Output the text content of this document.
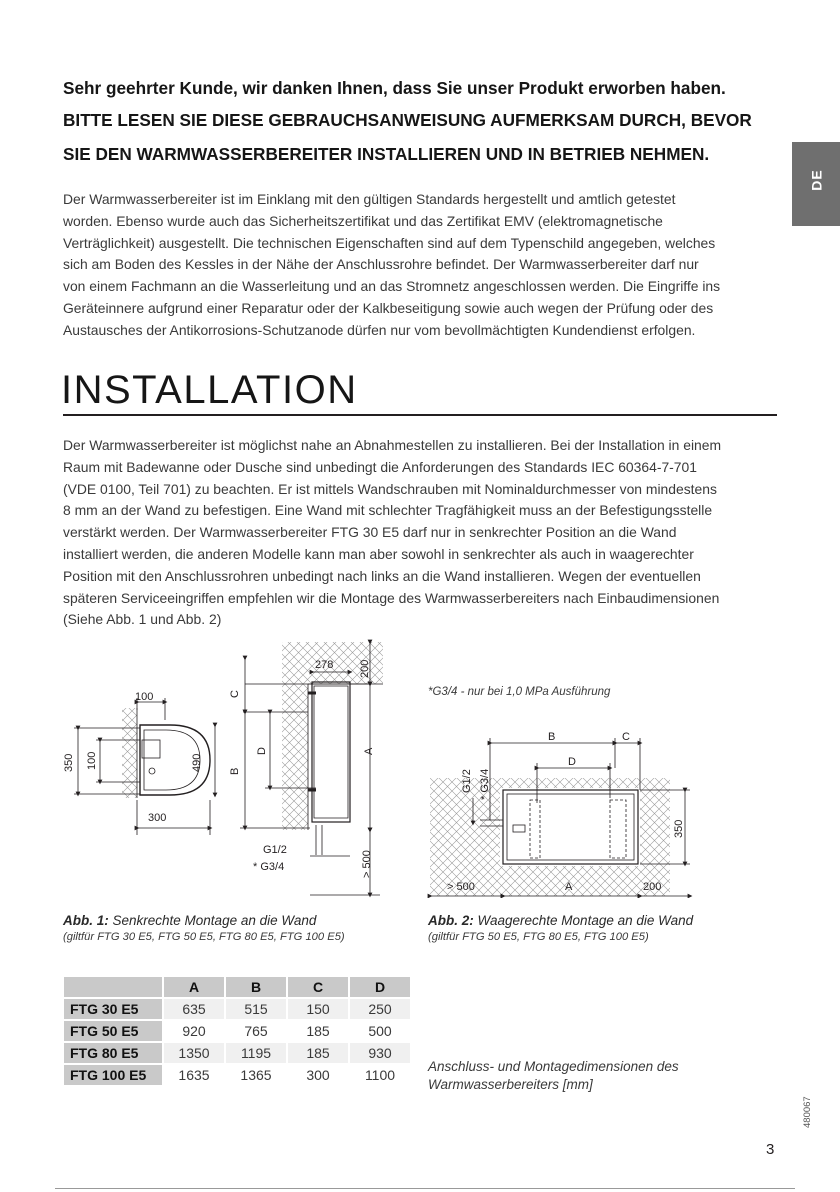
DE
Sehr geehrter Kunde, wir danken Ihnen, dass Sie unser Produkt erworben haben.
BITTE LESEN SIE DIESE GEBRAUCHSANWEISUNG AUFMERKSAM DURCH, BEVOR
SIE DEN WARMWASSERBEREITER INSTALLIEREN UND IN BETRIEB NEHMEN.
Der Warmwasserbereiter ist im Einklang mit den gültigen Standards hergestellt und amtlich getestet
worden. Ebenso wurde auch das Sicherheitszertifikat und das Zertifikat EMV (elektromagnetische
Verträglichkeit) ausgestellt. Die technischen Eigenschaften sind auf dem Typenschild angegeben, welches
sich am Boden des Kessles in der Nähe der Anschlussrohre befindet. Der Warmwasserbereiter darf nur
von einem Fachmann an die Wasserleitung und an das Stromnetz angeschlossen werden. Die Eingriffe ins
Geräteinnere aufgrund einer Reparatur oder der Kalkbeseitigung sowie auch wegen der Prüfung oder des
Austausches der Antikorrosions-Schutzanode dürfen nur vom bevollmächtigten Kundendienst erfolgen.
INSTALLATION
Der Warmwasserbereiter ist möglichst nahe an Abnahmestellen zu installieren. Bei der Installation in einem
Raum mit Badewanne oder Dusche sind unbedingt die Anforderungen des Standards IEC 60364-7-701
(VDE 0100, Teil 701) zu beachten. Er ist mittels Wandschrauben mit Nominaldurchmesser von mindestens
8 mm an der Wand zu befestigen. Eine Wand mit schlechter Tragfähigkeit muss an der Befestigungsstelle
verstärkt werden. Der Warmwasserbereiter FTG 30 E5 darf nur in senkrechter Position an die Wand
installiert werden, die anderen Modelle kann man aber sowohl in senkrechter als auch in waagerechter
Position mit den Anschlussrohren unbedingt nach links an die Wand installieren. Wegen der eventuellen
späteren Serviceeingriffen empfehlen wir die Montage des Warmwasserbereiters nach Einbaudimensionen
(Siehe Abb. 1 und Abb. 2)
100
350 100	490
300
278 200
C
D
B
A
G1/2
* G3/4	> 500
*G3/4 - nur bei 1,0 MPa Ausführung
B	C
D
G1/2 * G3/4
350
> 500	A	200
Abb. 1: Senkrechte Montage an die Wand
(giltfür FTG 30 E5, FTG 50 E5, FTG 80 E5, FTG 100 E5)
Abb. 2: Waagerechte Montage an die Wand
(giltfür FTG 50 E5, FTG 80 E5, FTG 100 E5)
	A	B	C	D
FTG 30 E5	635	515	150	250
FTG 50 E5	920	765	185	500
FTG 80 E5	1350	1195	185	930
FTG 100 E5	1635	1365	300	1100
Anschluss- und Montagedimensionen des
Warmwasserbereiters [mm]
3
480067
